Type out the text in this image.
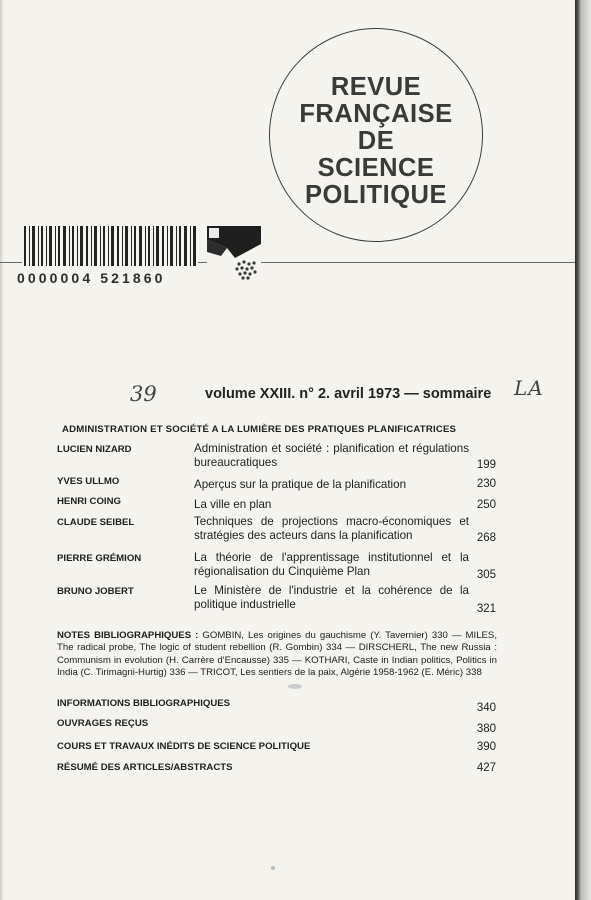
REVUE
FRANÇAISE
DE
SCIENCE
POLITIQUE
0000004 521860
39	LA
volume XXIII. n° 2. avril 1973 — sommaire
ADMINISTRATION ET SOCIÉTÉ A LA LUMIÈRE DES PRATIQUES PLANIFICATRICES
LUCIEN NIZARD	Administration et société : planification et régulations bureaucratiques	199
YVES ULLMO	Aperçus sur la pratique de la planification	230
HENRI COING	La ville en plan	250
CLAUDE SEIBEL	Techniques de projections macro-économiques et stratégies des acteurs dans la planification	268
PIERRE GRÉMION	La théorie de l'apprentissage institutionnel et la régionalisation du Cinquième Plan	305
BRUNO JOBERT	Le Ministère de l'industrie et la cohérence de la politique industrielle	321
NOTES BIBLIOGRAPHIQUES : GOMBIN, Les origines du gauchisme (Y. Tavernier) 330 — MILES, The radical probe, The logic of student rebellion (R. Gombin) 334 — DIRSCHERL, The new Russia : Communism in evolution (H. Carrère d'Encausse) 335 — KOTHARI, Caste in Indian politics, Politics in India (C. Tirimagni-Hurtig) 336 — TRICOT, Les sentiers de la paix, Algérie 1958-1962 (E. Méric) 338
INFORMATIONS BIBLIOGRAPHIQUES	340
OUVRAGES REÇUS	380
COURS ET TRAVAUX INÉDITS DE SCIENCE POLITIQUE	390
RÉSUMÉ DES ARTICLES/ABSTRACTS	427
